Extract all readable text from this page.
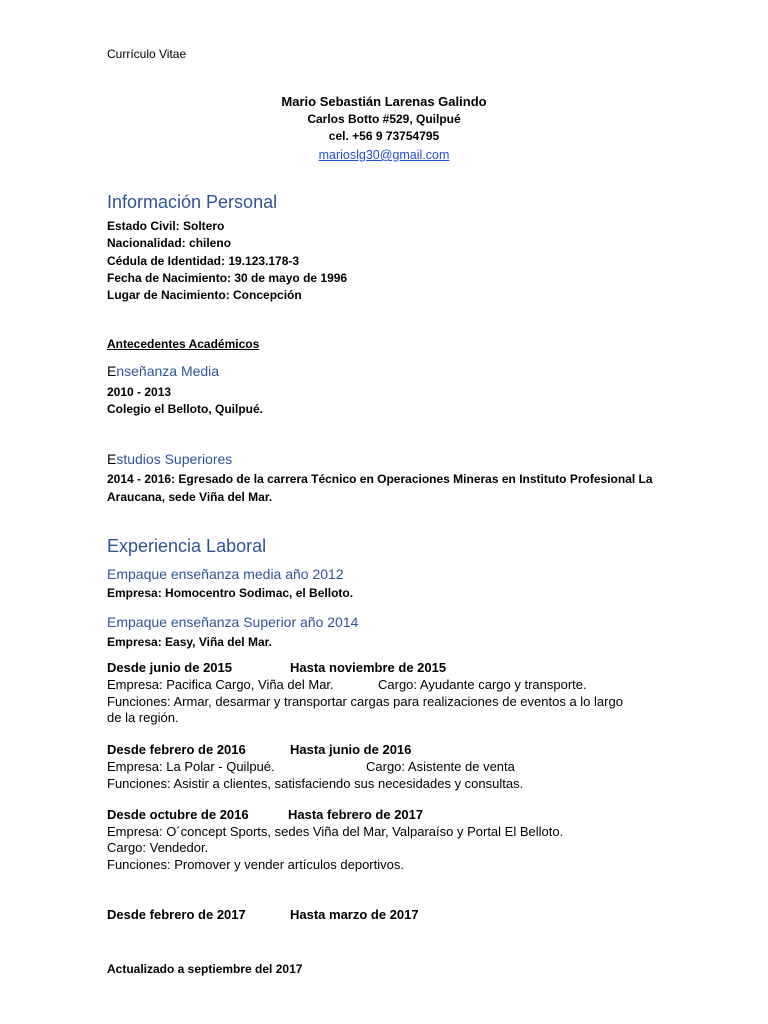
Currículo Vitae
Mario Sebastián Larenas Galindo
Carlos Botto #529, Quilpué
cel. +56 9 73754795
marioslg30@gmail.com
Información Personal
Estado Civil: Soltero
Nacionalidad: chileno
Cédula de Identidad: 19.123.178-3
Fecha de Nacimiento: 30 de mayo de 1996
Lugar de Nacimiento: Concepción
Antecedentes Académicos
Enseñanza Media
2010 - 2013
Colegio el Belloto, Quilpué.
Estudios Superiores
2014 - 2016: Egresado de la carrera Técnico en Operaciones Mineras en Instituto Profesional La
Araucana, sede Viña del Mar.
Experiencia Laboral
Empaque enseñanza media año 2012
Empresa: Homocentro Sodimac, el Belloto.
Empaque enseñanza Superior año 2014
Empresa: Easy, Viña del Mar.
Desde junio de 2015	Hasta noviembre de 2015
Empresa: Pacifica Cargo, Viña del Mar.	Cargo: Ayudante cargo y transporte.
Funciones: Armar, desarmar y transportar cargas para realizaciones de eventos a lo largo
de la región.
Desde febrero de 2016	Hasta junio de 2016
Empresa: La Polar - Quilpué.	Cargo: Asistente de venta
Funciones: Asistir a clientes, satisfaciendo sus necesidades y consultas.
Desde octubre de 2016	Hasta febrero de 2017
Empresa: O´concept Sports, sedes Viña del Mar, Valparaíso y Portal El Belloto.
Cargo: Vendedor.
Funciones: Promover y vender artículos deportivos.
Desde febrero de 2017	Hasta marzo de 2017
Actualizado a septiembre del 2017
